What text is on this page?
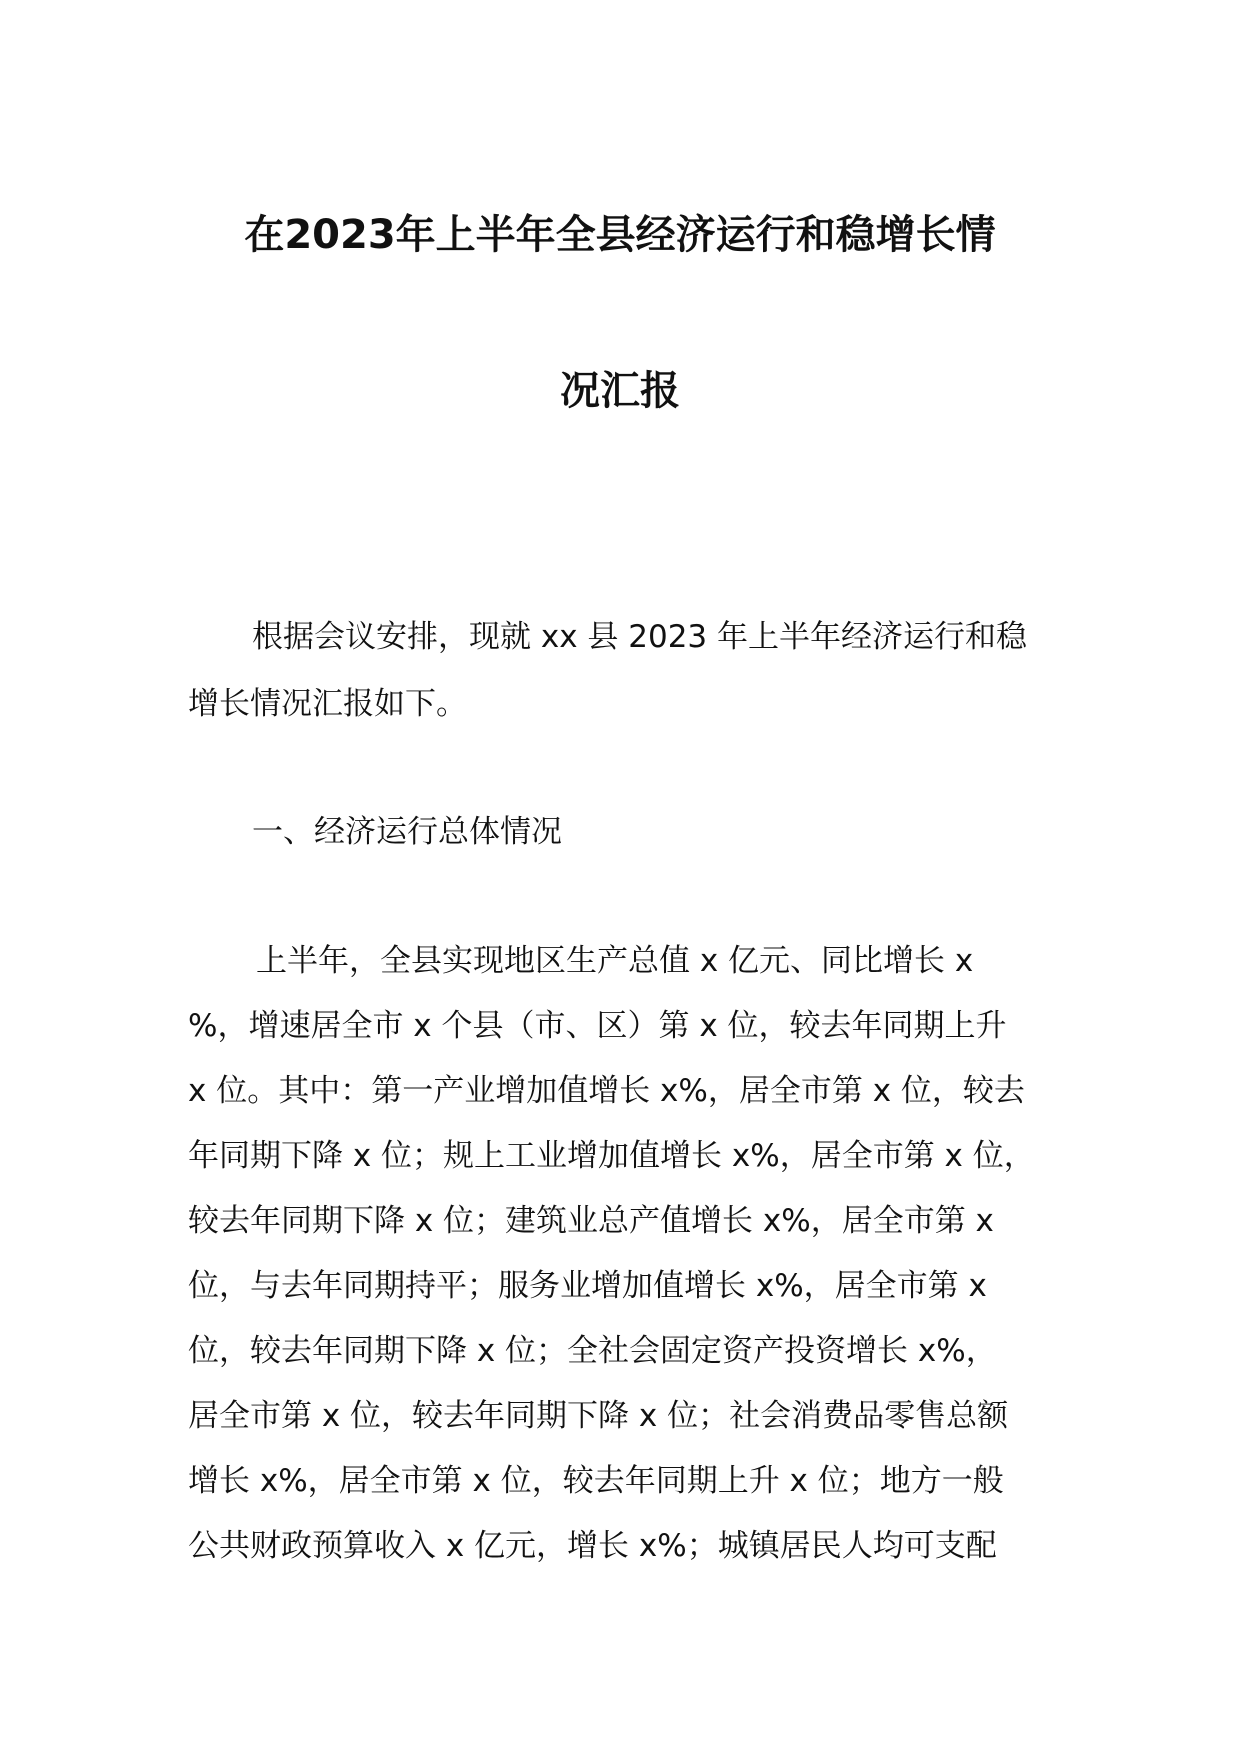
在2023年上半年全县经济运行和稳增长情
况汇报
根据会议安排，现就 xx 县 2023 年上半年经济运行和稳
增长情况汇报如下。
一、经济运行总体情况
上半年，全县实现地区生产总值 x 亿元、同比增长 x
%，增速居全市 x 个县（市、区）第 x 位，较去年同期上升
x 位。其中：第一产业增加值增长 x%，居全市第 x 位，较去
年同期下降 x 位；规上工业增加值增长 x%，居全市第 x 位，
较去年同期下降 x 位；建筑业总产值增长 x%，居全市第 x
位，与去年同期持平；服务业增加值增长 x%，居全市第 x
位，较去年同期下降 x 位；全社会固定资产投资增长 x%，
居全市第 x 位，较去年同期下降 x 位；社会消费品零售总额
增长 x%，居全市第 x 位，较去年同期上升 x 位；地方一般
公共财政预算收入 x 亿元，增长 x%；城镇居民人均可支配
